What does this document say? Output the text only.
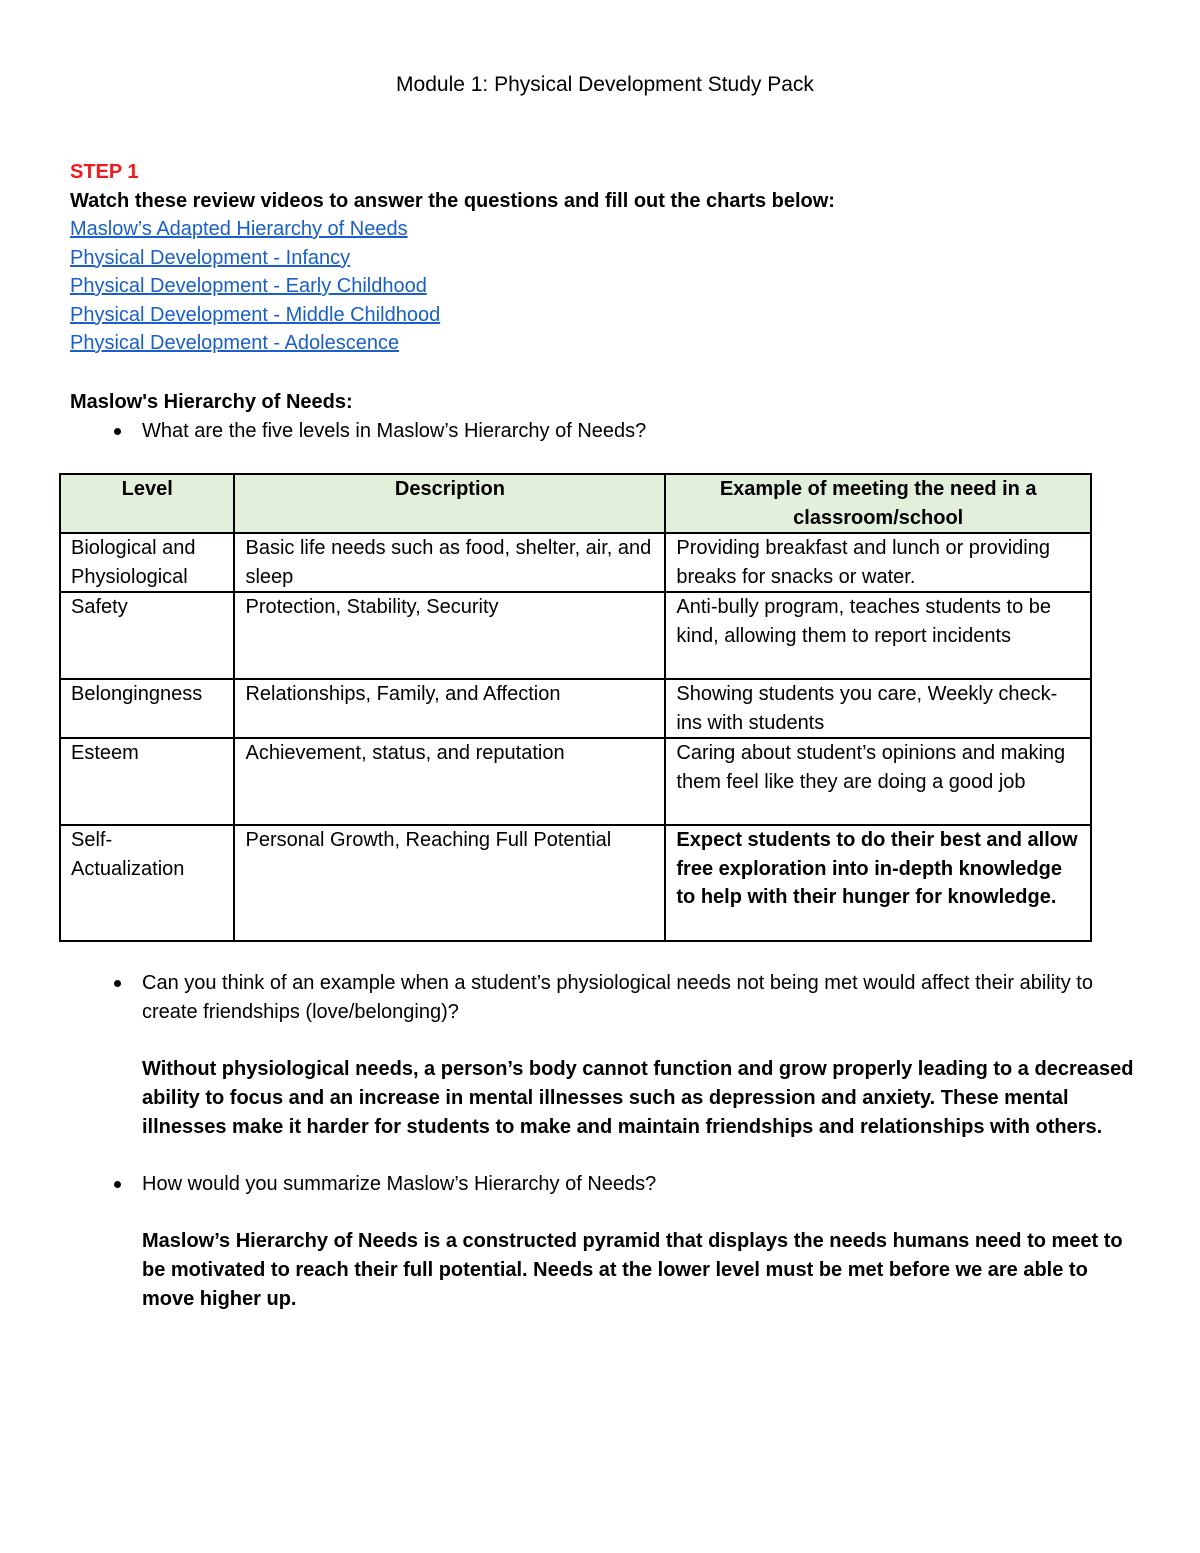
Module 1: Physical Development Study Pack

STEP 1

Watch these review videos to answer the questions and fill out the charts below:

Maslow’s Adapted Hierarchy of Needs
Physical Development - Infancy
Physical Development - Early Childhood
Physical Development - Middle Childhood
Physical Development - Adolescence

Maslow's Hierarchy of Needs:

What are the five levels in Maslow’s Hierarchy of Needs?

Level	Description	Example of meeting the need in a classroom/school
Biological and Physiological	Basic life needs such as food, shelter, air, and sleep	Providing breakfast and lunch or providing breaks for snacks or water.
Safety	Protection, Stability, Security	Anti-bully program, teaches students to be kind, allowing them to report incidents
Belongingness	Relationships, Family, and Affection	Showing students you care, Weekly check-ins with students
Esteem	Achievement, status, and reputation	Caring about student’s opinions and making them feel like they are doing a good job
Self-Actualization	Personal Growth, Reaching Full Potential	Expect students to do their best and allow free exploration into in-depth knowledge to help with their hunger for knowledge.

Can you think of an example when a student’s physiological needs not being met would affect their ability to create friendships (love/belonging)?

Without physiological needs, a person’s body cannot function and grow properly leading to a decreased ability to focus and an increase in mental illnesses such as depression and anxiety. These mental illnesses make it harder for students to make and maintain friendships and relationships with others.

How would you summarize Maslow’s Hierarchy of Needs?

Maslow’s Hierarchy of Needs is a constructed pyramid that displays the needs humans need to meet to be motivated to reach their full potential. Needs at the lower level must be met before we are able to move higher up.
